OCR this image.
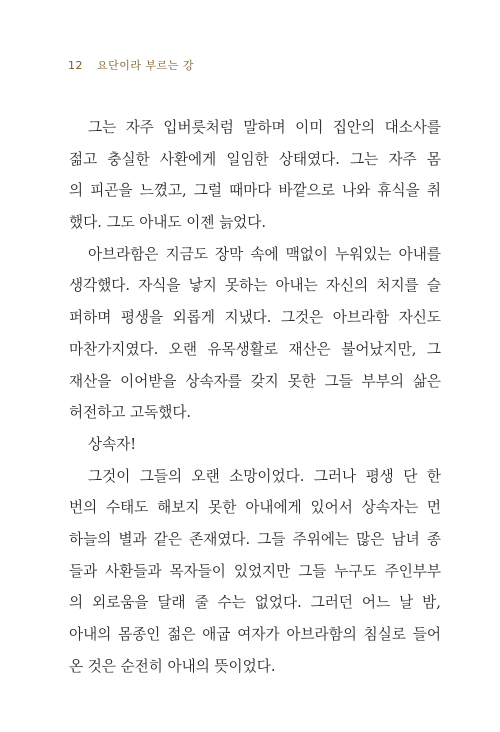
12 요단이라 부르는 강
그는 자주 입버릇처럼 말하며 이미 집안의 대소사를
젊고 충실한 사환에게 일임한 상태였다. 그는 자주 몸
의 피곤을 느꼈고, 그럴 때마다 바깥으로 나와 휴식을 취
했다. 그도 아내도 이젠 늙었다.
아브라함은 지금도 장막 속에 맥없이 누워있는 아내를
생각했다. 자식을 낳지 못하는 아내는 자신의 처지를 슬
퍼하며 평생을 외롭게 지냈다. 그것은 아브라함 자신도
마찬가지였다. 오랜 유목생활로 재산은 불어났지만, 그
재산을 이어받을 상속자를 갖지 못한 그들 부부의 삶은
허전하고 고독했다.
상속자!
그것이 그들의 오랜 소망이었다. 그러나 평생 단 한
번의 수태도 해보지 못한 아내에게 있어서 상속자는 먼
하늘의 별과 같은 존재였다. 그들 주위에는 많은 남녀 종
들과 사환들과 목자들이 있었지만 그들 누구도 주인부부
의 외로움을 달래 줄 수는 없었다. 그러던 어느 날 밤,
아내의 몸종인 젊은 애굽 여자가 아브라함의 침실로 들어
온 것은 순전히 아내의 뜻이었다.
